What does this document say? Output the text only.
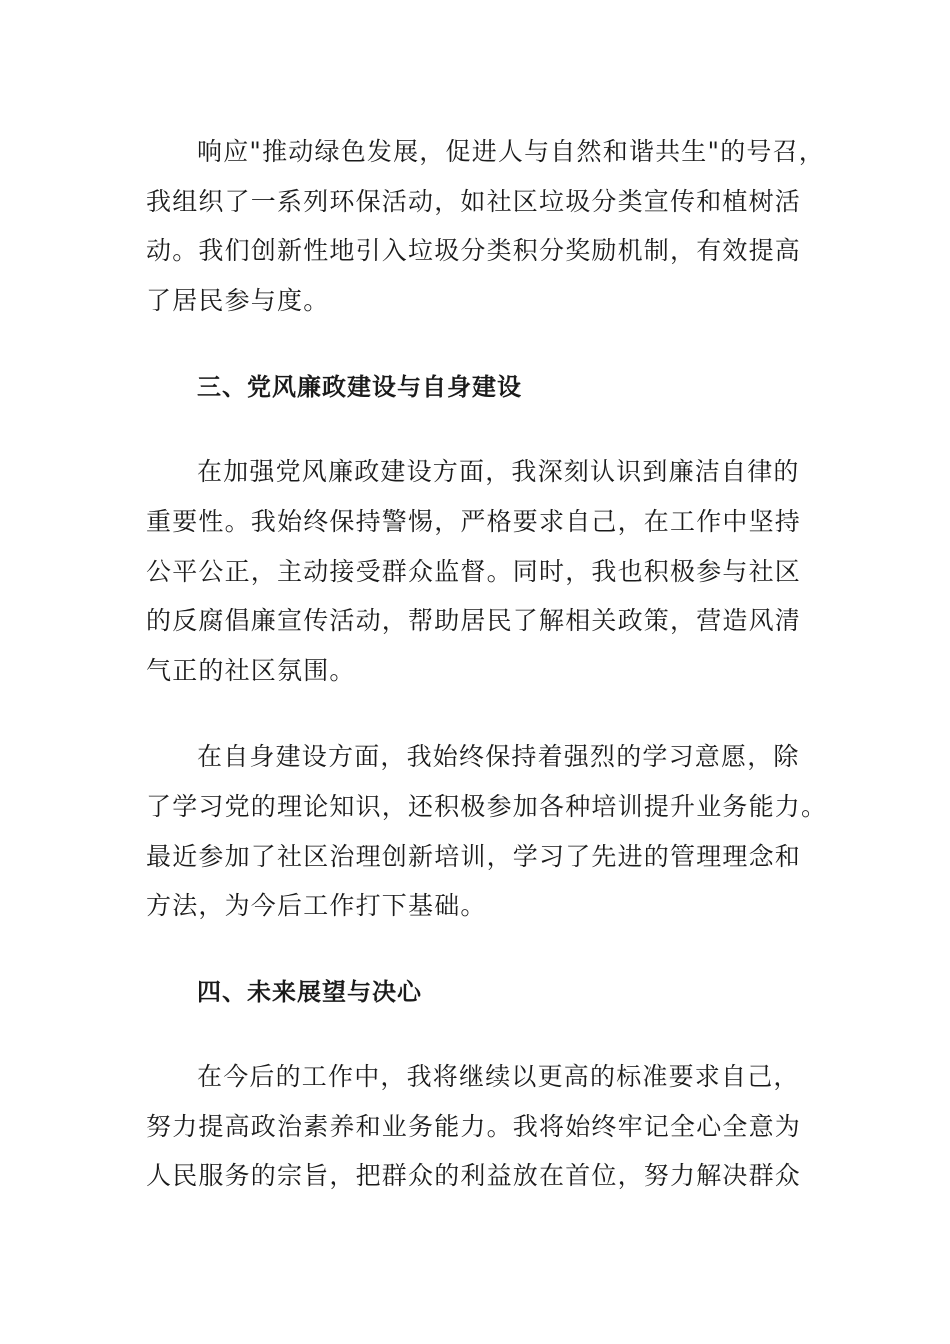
响应"推动绿色发展，促进人与自然和谐共生"的号召，
我组织了一系列环保活动，如社区垃圾分类宣传和植树活
动。我们创新性地引入垃圾分类积分奖励机制，有效提高
了居民参与度。
三、党风廉政建设与自身建设
在加强党风廉政建设方面，我深刻认识到廉洁自律的
重要性。我始终保持警惕，严格要求自己，在工作中坚持
公平公正，主动接受群众监督。同时，我也积极参与社区
的反腐倡廉宣传活动，帮助居民了解相关政策，营造风清
气正的社区氛围。
在自身建设方面，我始终保持着强烈的学习意愿，除
了学习党的理论知识，还积极参加各种培训提升业务能力。
最近参加了社区治理创新培训，学习了先进的管理理念和
方法，为今后工作打下基础。
四、未来展望与决心
在今后的工作中，我将继续以更高的标准要求自己，
努力提高政治素养和业务能力。我将始终牢记全心全意为
人民服务的宗旨，把群众的利益放在首位，努力解决群众
